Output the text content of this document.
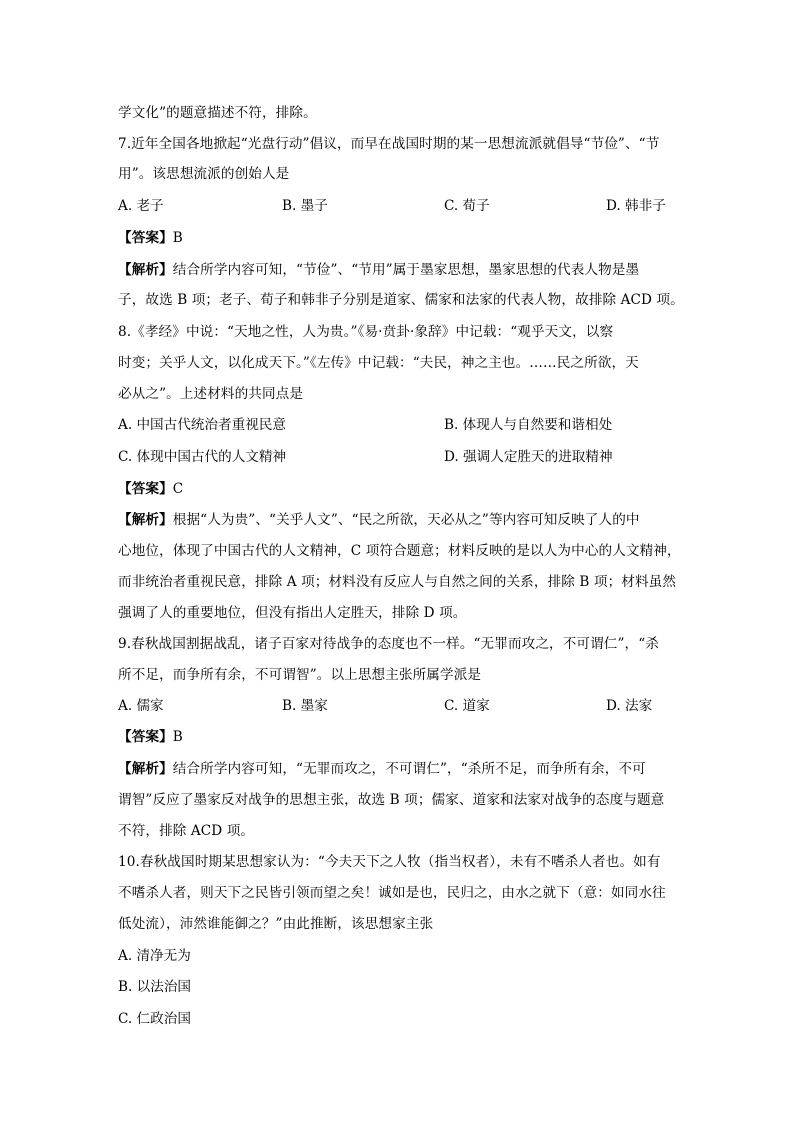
学文化”的题意描述不符，排除。
7.近年全国各地掀起“光盘行动”倡议，而早在战国时期的某一思想流派就倡导“节俭”、“节
用”。该思想流派的创始人是
A. 老子	B. 墨子	C. 荀子	D. 韩非子
【答案】B
【解析】结合所学内容可知，“节俭”、“节用”属于墨家思想，墨家思想的代表人物是墨
子，故选 B 项；老子、荀子和韩非子分别是道家、儒家和法家的代表人物，故排除 ACD 项。
8.《孝经》中说：“天地之性，人为贵。”《易·贲卦·象辞》中记载：“观乎天文，以察
时变；关乎人文，以化成天下。”《左传》中记载：“夫民，神之主也。……民之所欲，天
必从之”。上述材料的共同点是
A. 中国古代统治者重视民意	B. 体现人与自然要和谐相处
C. 体现中国古代的人文精神	D. 强调人定胜天的进取精神
【答案】C
【解析】根据“人为贵”、“关乎人文”、“民之所欲，天必从之”等内容可知反映了人的中
心地位，体现了中国古代的人文精神，C 项符合题意；材料反映的是以人为中心的人文精神，
而非统治者重视民意，排除 A 项；材料没有反应人与自然之间的关系，排除 B 项；材料虽然
强调了人的重要地位，但没有指出人定胜天，排除 D 项。
9.春秋战国割据战乱，诸子百家对待战争的态度也不一样。“无罪而攻之，不可谓仁”，“杀
所不足，而争所有余，不可谓智”。以上思想主张所属学派是
A. 儒家	B. 墨家	C. 道家	D. 法家
【答案】B
【解析】结合所学内容可知，“无罪而攻之，不可谓仁”，“杀所不足，而争所有余，不可
谓智”反应了墨家反对战争的思想主张，故选 B 项；儒家、道家和法家对战争的态度与题意
不符，排除 ACD 项。
10.春秋战国时期某思想家认为：“今夫天下之人牧（指当权者），未有不嗜杀人者也。如有
不嗜杀人者，则天下之民皆引领而望之矣！诚如是也，民归之，由水之就下（意：如同水往
低处流），沛然谁能御之？”由此推断，该思想家主张
A. 清净无为
B. 以法治国
C. 仁政治国
